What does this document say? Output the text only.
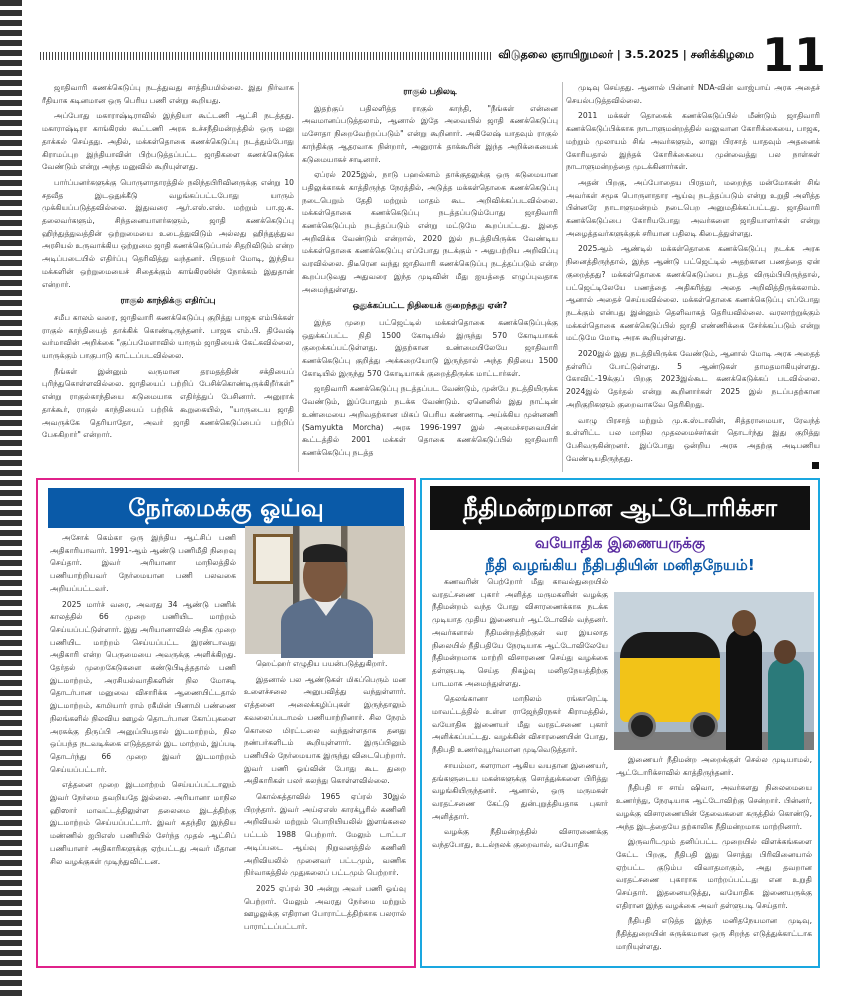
விடுதலை ஞாயிறுமலர் | 3.5.2025 | சனிக்கிழமை 11

ஜாதிவாரி கணக்கெடுப்பு நடத்துவது சாத்தியமில்லை. இது நிர்வாக ரீதியாக கடினமான ஒரு பெரிய பணி என்று கூறியது.

அப்போது மகாராஷ்டிராவில் இந்தியா கூட்டணி ஆட்சி நடத்தது. மகாராஷ்டிரா காங்கிரஸ் கூட்டணி அரசு உச்சநீதிமன்றத்தில் ஒரு மனு தாக்கல் செய்தது. அதில், மக்கள்தொகை கணக்கெடுப்பு நடத்தும்போது கிராமப்புற இந்தியாவின் பிற்படுத்தப்பட்ட ஜாதிகளை கணக்கெடுக்க வேண்டும் என்று அந்த மனுவில் கூறியுள்ளது.

பார்ப்பனர்களுக்கு பொருளாதாரத்தில் நலிந்தபிரிவினருக்கு என்று 10 சதவீத இடஒதுக்கீடு வழங்கப்பட்டபோது யாரும் முக்கியப்படுத்தவில்லை. இதுவரை ஆர்.எஸ்.எஸ். மற்றும் பா.ஜ.க. தலைவர்களும், சிந்தனையாளர்களும், ஜாதி கணக்கெடுப்பு ஹிந்துத்துவத்தின் ஒற்றுமையை உடைத்துவிடும் அல்லது ஹிந்துத்துவ அரசியல் உருவாக்கிய ஒற்றுமை ஜாதி கணக்கெடுப்பால் சிதறிவிடும் என்ற அடிப்படையில் எதிர்ப்பு தெரிவித்து வந்தனர். பிரதமர் மோடி, இந்திய மக்களின் ஒற்றுமையைச் சிதைக்கும் காங்கிரஸின் நோக்கம் இதுதான் என்றார்.

ராகுல் காந்திக்கு எதிர்ப்பு

சமீப காலம் வரை, ஜாதிவாரி கணக்கெடுப்பு குறித்து பாஜக எம்பிக்கள் ராகுல் காந்தியைத் தாக்கிக் கொண்டிருந்தனர். பாஜக எம்.பி. திவேஷ் வர்மாவின் அறிக்கை "குப்பமேளாவில் யாரும் ஜாதியைக் கேட்கவில்லை, யாருக்கும் பாகுபாடு காட்டப்படவில்லை.

நீங்கள் இன்னும் வருமான தரமதத்தின் சக்தியைப் புரிந்துகொள்ளவில்லை. ஜாதியைப் பற்றிப் பேசிக்கொண்டிருக்கிறீர்கள்" என்று ராகுல்காந்தியை கடுமையாக எதிர்த்துப் பேசினார். அனுராக் தாக்கூர், ராகுல் காந்தியைப் பற்றிக் கூறுகையில், "யாருடைய ஜாதி அவருக்கே தெரியாதோ, அவர் ஜாதி கணக்கெடுப்பைப் பற்றிப் பேசுகிறார்" என்றார்.

ராகுல் பதிலடி

இதற்குப் பதிலளித்த ராகுல் காந்தி, "நீங்கள் என்னை அவமானப்படுத்தலாம், ஆனால் இதே அவையில் ஜாதி கணக்கெடுப்பு மசோதா நிறைவேற்றப்படும்" என்று கூறினார். அகிலேஷ் யாதவும் ராகுல் காந்திக்கு ஆதரவாக நின்றார், அனுராக் தாக்கூரின் இந்த அறிக்கையைக் கடுமையாகச் சாடினார்.

ஏப்ரல் 2025இல், நாடு பஹல்காம் தாக்குதலுக்கு ஒரு கடுமையான பதிலுக்காகக் காத்திருந்த நேரத்தில், அடுத்த மக்கள்தொகை கணக்கெடுப்பு நடைபெறும் தேதி மற்றும் மாதம் கூட அறிவிக்கப்படவில்லை. மக்கள்தொகை கணக்கெடுப்பு நடத்தப்படும்போது ஜாதிவாரி கணக்கெடுப்பும் நடத்தப்படும் என்று மட்டுமே கூறப்பட்டது. இதை அறிவிக்க வேண்டும் என்றால், 2020 இல் நடத்தியிருக்க வேண்டிய மக்கள்தொகை கணக்கெடுப்பு எப்போது நடக்கும் - அதுபற்றிய அறிவிப்பு வரவில்லை. திடீரென வந்து ஜாதிவாரி கணக்கெடுப்பு நடத்தப்படும் என்ற கூறப்படுவது அதுவரை இந்த முடிவின் மீது ஐயத்தை எழுப்புவதாக அமைந்துள்ளது.

ஒதுக்கப்பட்ட நிதியைக் குறைந்தது ஏன்?

இந்த முறை பட்ஜெட்டில் மக்கள்தொகை கணக்கெடுப்புக்கு ஒதுக்கப்பட்ட நிதி 1500 கோடியில் இருந்து 570 கோடியாகக் குறைக்கப்பட்டுள்ளது. இதற்கான உண்மையிலேயே ஜாதிவாரி கணக்கெடுப்பு குறித்து அக்கறையோடு இருந்தால் அந்த நிதியை 1500 கோடியில் இருந்து 570 கோடியாகக் குறைத்திருக்க மாட்டார்கள்.

ஜாதிவாரி கணக்கெடுப்பு நடத்தப்பட வேண்டும், முன்பே நடத்தியிருக்க வேண்டும், இப்போதும் நடக்க வேண்டும். ஏனெனில் இது நாட்டின் உண்மையை அறிவதற்கான மிகப் பெரிய கண்ணாடி அய்க்கிய முன்னணி (Samyukta Morcha) அரசு 1996-1997 இல் அமைச்சரவையின் கூட்டத்தில் 2001 மக்கள் தொகை கணக்கெடுப்பில் ஜாதிவாரி கணக்கெடுப்பு நடத்த

முடிவு செய்தது. ஆனால் பின்னர் NDA-வின் வாஜ்பாய் அரசு அதைச் செயல்படுத்தவில்லை.

2011 மக்கள் தொகைக் கணக்கெடுப்பில் மீண்டும் ஜாதிவாரி கணக்கெடுப்பிக்காக நாடாளுமன்றத்தில் வலுவான கோரிக்கையை, பாஜக, மற்றும் முலாயம் சிங் அவர்களும், லாலு பிரசாத் யாதவும் அதனைக் கோரியதால் இந்தக் கோரிக்கையை முன்வைத்து பல நாள்கள் நாடாளுமன்றத்தை முடக்கினார்கள்.

அதன் பிறகு, அப்போதைய பிரதமர், மறைந்த மன்மோகன் சிங் அவர்கள் சமூக பொருளாதார ஆய்வு நடத்தப்படும் என்று உறுதி அளித்த பின்னரே நாடாளுமன்றம் நடைபெற அனுமதிக்கப்பட்டது. ஜாதிவாரி கணக்கெடுப்பை கோரியபோது அவர்களை ஜாதியாளர்கள் என்று அழைத்தவர்களுக்குக் சரியான பதிலடி கிடைத்துள்ளது.

2025ஆம் ஆண்டில் மக்கள்தொகை கணக்கெடுப்பு நடக்க அரசு நினைத்திருந்தால், இந்த ஆண்டு பட்ஜெட்டில் அதற்கான பணத்தை ஏன் குறைத்தது? மக்கள்தொகை கணக்கெடுப்பை நடத்த விரும்பியிருந்தால், பட்ஜெட்டிலேயே பணத்தை அதிகரித்து அதை அறிவித்திருக்கலாம். ஆனால் அதைச் செய்யவில்லை. மக்கள்தொகை கணக்கெடுப்பு எப்போது நடக்கும் என்பது இன்னும் தெளிவாகத் தெரியவில்லை. வரலாற்றுக்கும் மக்கள்தொகை கணக்கெடுப்பில் ஜாதி எண்ணிக்கை சேர்க்கப்படும் என்று மட்டுமே மோடி அரசு கூறியுள்ளது.

2020இல் இது நடத்தியிருக்க வேண்டும், ஆனால் மோடி அரசு அதைத் தள்ளிப் போட்டுள்ளது. 5 ஆண்டுகள் தாமதமாகியுள்ளது. கோவிட்-19க்குப் பிறகு 2023இல்கூட கணக்கெடுக்கப் படவில்லை. 2024இல் தேர்தல் என்று கூறினார்கள் 2025 இல் நடப்பதற்கான அறிகுறிகளும் குறைவாகவே தெரிகிறது.

வாழு பிரசாத் மற்றும் மு.க.ஸ்டாலின், சித்தராமையா, ரேவந்த் உள்ளிட்ட பல மாநில முதலமைச்சர்கள் தொடர்ந்து இது குறித்து பேசிவருகின்றனர். இப்போது ஒன்றிய அரசு அதற்கு அடிபணிய வேண்டியதிருந்தது.

நேர்மைக்கு ஓய்வு

அசோக் கெம்கா ஒரு இந்திய ஆட்சிப் பணி அதிகாரியாவார். 1991-ஆம் ஆண்டு பணிமீதி நிறைவு செய்தார். இவர் அரியானா மாநிலத்தில் பணியாற்றியவர் நேர்மையான பணி பலவகை அறியப்பட்டவர்.

2025 மார்ச் வரை, அவரது 34 ஆண்டு பணிக் காலத்தில் 66 முறை பணியிட மாற்றம் செய்யப்பட்டுள்ளார். இது அரியானாவில் அதிக முறை பணியிட மாற்றம் செய்யப்பட்ட இரண்டாவது அதிகாரி என்ற பெருமையை அவருக்கு அளிக்கிறது. தேர்தல் முறைகேடுகளை கண்டுபிடித்ததால் பணி இடமாற்றம், அரசியல்வாதிகளின் நில மோசடி தொடர்பான மனுவை விசாரிக்க ஆணையிட்டதால் இடமாற்றம், காமியார் ராம் ரகீமின் பினாமி பண்ணை நிலங்களில் நிலவிய ஊழல் தொடர்பான கோப்புகளை அரசுக்கு திருப்பி அனுப்பியதால் இடமாற்றம், நில ஒப்பந்த நடவடிக்கை எடுத்ததால் இட மாற்றம், இப்படி தொடர்ந்து 66 முறை இவர் இடமாற்றம் செய்யப்பட்டார்.

எத்தனை முறை இடமாற்றம் செய்யப்பட்டாலும் இவர் நேர்மை தவறியதே இல்லை. அரியானா மாநில ஹிஸார் மாவட்டத்திலுள்ள தலைமை இடத்திற்கு இடமாற்றம் செய்யப்பட்டார். இவர் சுதந்திர இந்திய மண்ணில் ஐபிஎஸ் பணியில் சேர்ந்த முதல் ஆட்சிப் பணியாளர் அதிகாரிகளுக்கு ஏற்பட்டது அவர் மீதான சில வழக்குகள் முடிந்துவிட்டன.

ஹெட்ஹர் எழுதிய பயன்படுத்துகிறார்.

இதனால் பல ஆண்டுகள் மிகப்பெரும் மன உளைச்சலை அனுபவித்து வந்துள்ளார். எத்தனை அலைக்கழிப்புகள் இருந்தாலும் கவலைப்படாமல் பணியாற்றினார். சில நேரம் கொலை மிரட்டலை வந்துள்ளதாக தனது நண்பர்களிடம் கூறியுள்ளார். இருப்பினும் பணியில் நேர்மையாக இருந்து விடைபெற்றார். இவர் பணி ஓய்வின் போது கூட துறை அதிகாரிகள் பலர் கலந்து கொள்ளவில்லை.

கொல்கத்தாவில் 1965 ஏப்ரல் 30இல் பிறந்தார். இவர் அய்ஏஎஸ் காரக்பூரில் கணினி அறிவியல் மற்றும் பொறியியலில் இளங்கலை பட்டம் 1988 பெற்றார். மேலும் டாட்டா அடிப்படை ஆய்வு நிறுவனத்தில் கணினி அறிவியலில் முனைவர் பட்டமும், வணிக நிர்வாகத்தில் முதுகலைப் பட்டமும் பெற்றார்.

2025 ஏப்ரல் 30 அன்று அவர் பணி ஓய்வு பெற்றார். மேலும் அவரது நேர்மை மற்றும் ஊழலுக்கு எதிரான போராட்டத்திற்காக பலரால் பாராட்டப்பட்டார்.

நீதிமன்றமான ஆட்டோரிக்சா
வயோதிக இணையருக்கு
நீதி வழங்கிய நீதிபதியின் மனிதநேயம்!

கணவரின் பெற்றோர் மீது காவல்துறையில் வரதட்சணை புகார் அளித்த மருமகளின் வழக்கு நீதிமன்றம் வந்த போது விசாரணைக்காக நடக்க முடியாத முதிய இணையர் ஆட்டோவில் வந்தனர். அவர்களால் நீதிமன்றத்திற்குள் வர இயலாத நிலையில் நீதிபதியே நேரடியாக ஆட்டோவிலேயே நீதிமன்றமாக மாற்றி விசாரணை செய்து வழக்கை தள்ளுபடி செய்த நிகழ்வு மனிதநேயத்திற்கு பாடமாக அமைந்துள்ளது.

தெலங்கானா மாநிலம் ரங்காரெட்டி மாவட்டத்தில் உள்ள ராஜேந்திரநகர் கிராமத்தில், வயோதிக இணையர் மீது வரதட்சணை புகார் அளிக்கப்பட்டது. வழக்கின் விசாரணையின் போது, நீதிபதி உணர்வுபூர்வமான முடிவெடுத்தார்.

சாயம்மா, களராமா ஆகிய வயதான இணையர், தங்களுடைய மகன்களுக்கு சொத்துக்களை பிரித்து வழங்கியிருந்தனர். ஆனால், ஒரு மருமகள் வரதட்சணை கேட்டு துன்புறுத்தியதாக புகார் அளித்தார்.

வழக்கு நீதிமன்றத்தில் விசாரணைக்கு வந்தபோது, உடல்நலக் குறைவால், வயோதிக

இணையர் நீதிமன்ற அறைக்குள் செல்ல முடியாமல், ஆட்டோரிக்சாவில் காத்திருந்தனர்.

நீதிபதி ஈ சாய் ஷிவா, அவர்களது நிலைமையை உணர்ந்து, நேரடியாக ஆட்டோவிற்கு சென்றார். பின்னர், வழக்கு விசாரணையின் தேவைகளை கருத்தில் கொண்டு, அந்த இடத்தையே தற்காலிக நீதிமன்றமாக மாற்றினார்.

இருவரிடமும் தனிப்பட்ட முறையில் விளக்கங்களை கேட்ட பிறகு, நீதிபதி இது சொத்து பிரிவினையால் ஏற்பட்ட குடும்ப விவாதமாகும், அது தவறான வரதட்சணை புகாராக மாற்றப்பட்டது என உறுதி செய்தார். இதனையடுத்து, வயோதிக இணையருக்கு எதிரான இந்த வழக்கை அவர் தள்ளுபடி செய்தார்.

நீதிபதி எடுத்த இந்த மனிதநேயமான முடிவு, நீதித்துறையின் சுருக்கமான ஒரு சிறந்த எடுத்துக்காட்டாக மாறியுள்ளது.
